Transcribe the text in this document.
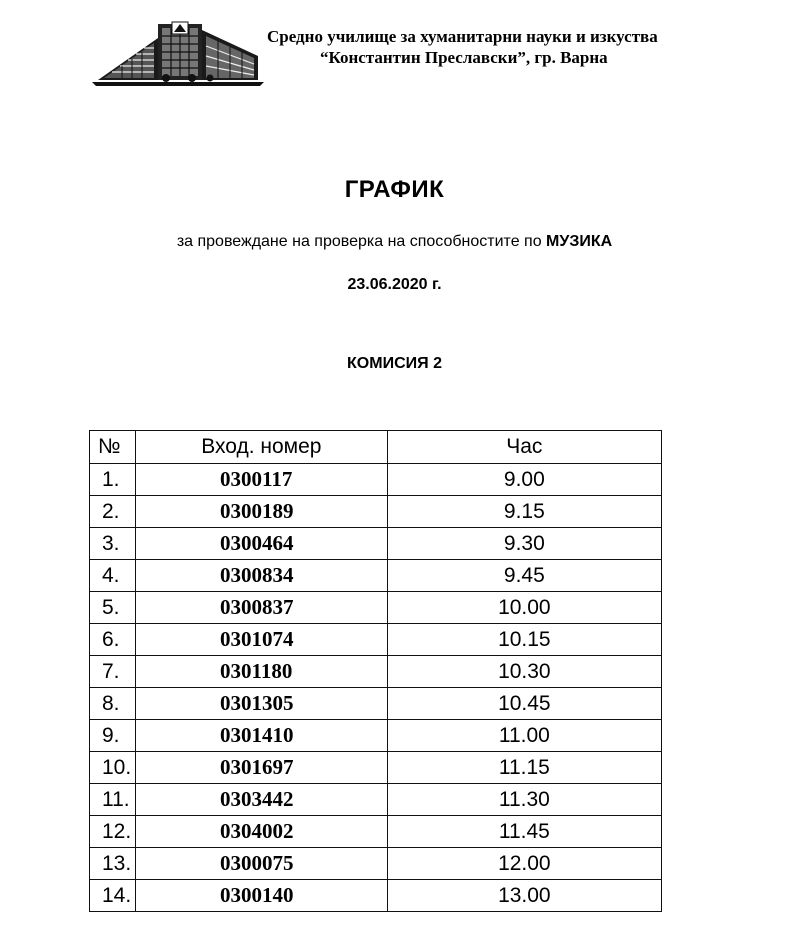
Средно училище за хуманитарни науки и изкуства
“Константин Преславски”, гр. Варна
ГРАФИК
за провеждане на проверка на способностите по МУЗИКА
23.06.2020 г.
КОМИСИЯ 2
№	Вход. номер	Час
1.	0300117	9.00
2.	0300189	9.15
3.	0300464	9.30
4.	0300834	9.45
5.	0300837	10.00
6.	0301074	10.15
7.	0301180	10.30
8.	0301305	10.45
9.	0301410	11.00
10.	0301697	11.15
11.	0303442	11.30
12.	0304002	11.45
13.	0300075	12.00
14.	0300140	13.00
